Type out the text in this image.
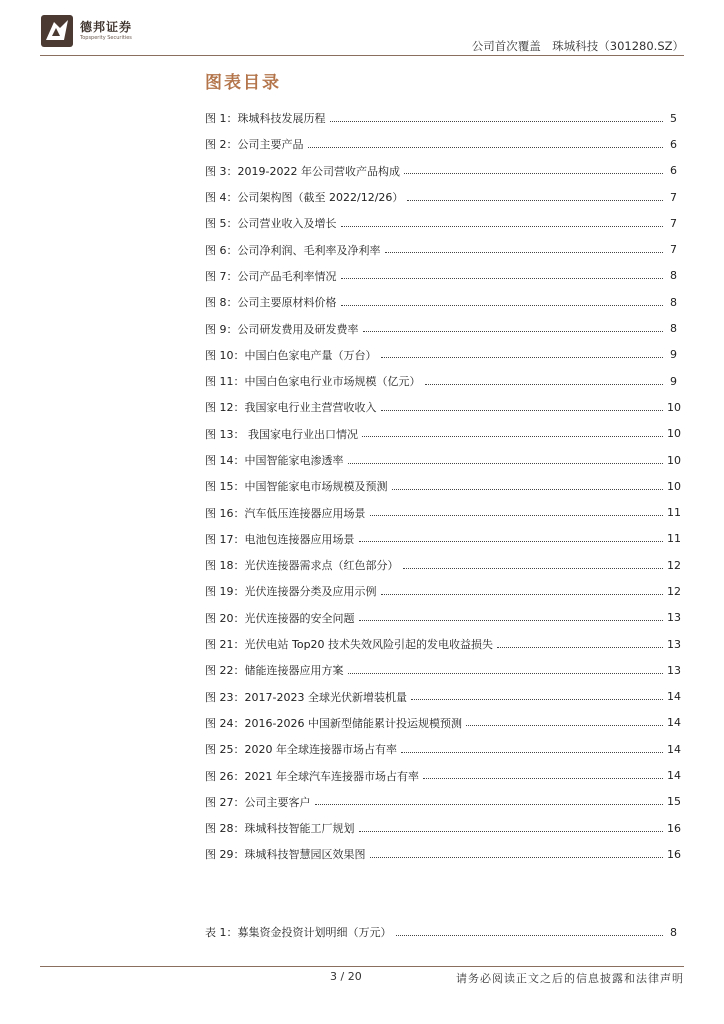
德邦证券
Topsperity Securities
公司首次覆盖　珠城科技（301280.SZ）
图表目录
图 1：珠城科技发展历程	5
图 2：公司主要产品	6
图 3：2019-2022 年公司营收产品构成	6
图 4：公司架构图（截至 2022/12/26）	7
图 5：公司营业收入及增长	7
图 6：公司净利润、毛利率及净利率	7
图 7：公司产品毛利率情况	8
图 8：公司主要原材料价格	8
图 9：公司研发费用及研发费率	8
图 10：中国白色家电产量（万台）	9
图 11：中国白色家电行业市场规模（亿元）	9
图 12：我国家电行业主营营收收入	10
图 13： 我国家电行业出口情况	10
图 14：中国智能家电渗透率	10
图 15：中国智能家电市场规模及预测	10
图 16：汽车低压连接器应用场景	11
图 17：电池包连接器应用场景	11
图 18：光伏连接器需求点（红色部分）	12
图 19：光伏连接器分类及应用示例	12
图 20：光伏连接器的安全问题	13
图 21：光伏电站 Top20 技术失效风险引起的发电收益损失	13
图 22：储能连接器应用方案	13
图 23：2017-2023 全球光伏新增装机量	14
图 24：2016-2026 中国新型储能累计投运规模预测	14
图 25：2020 年全球连接器市场占有率	14
图 26：2021 年全球汽车连接器市场占有率	14
图 27：公司主要客户	15
图 28：珠城科技智能工厂规划	16
图 29：珠城科技智慧园区效果图	16
表 1：募集资金投资计划明细（万元）	8
3 / 20	请务必阅读正文之后的信息披露和法律声明
